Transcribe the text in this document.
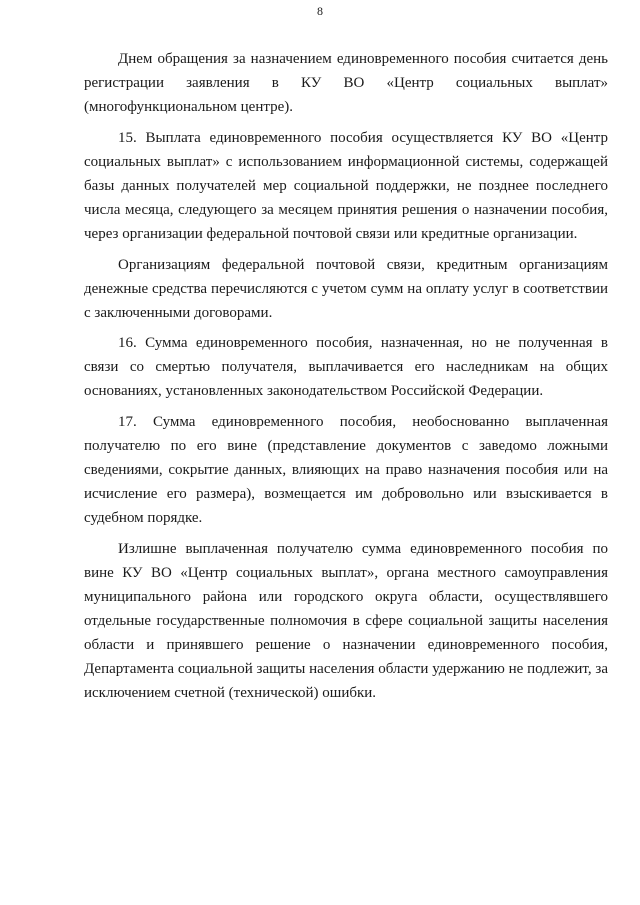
8

Днем обращения за назначением единовременного пособия считается день регистрации заявления в КУ ВО «Центр социальных выплат» (многофункциональном центре).

15. Выплата единовременного пособия осуществляется КУ ВО «Центр социальных выплат» с использованием информационной системы, содержащей базы данных получателей мер социальной поддержки, не позднее последнего числа месяца, следующего за месяцем принятия решения о назначении пособия, через организации федеральной почтовой связи или кредитные организации.

Организациям федеральной почтовой связи, кредитным организациям денежные средства перечисляются с учетом сумм на оплату услуг в соответствии с заключенными договорами.

16. Сумма единовременного пособия, назначенная, но не полученная в связи со смертью получателя, выплачивается его наследникам на общих основаниях, установленных законодательством Российской Федерации.

17. Сумма единовременного пособия, необоснованно выплаченная получателю по его вине (представление документов с заведомо ложными сведениями, сокрытие данных, влияющих на право назначения пособия или на исчисление его размера), возмещается им добровольно или взыскивается в судебном порядке.

Излишне выплаченная получателю сумма единовременного пособия по вине КУ ВО «Центр социальных выплат», органа местного самоуправления муниципального района или городского округа области, осуществлявшего отдельные государственные полномочия в сфере социальной защиты населения области и принявшего решение о назначении единовременного пособия, Департамента социальной защиты населения области удержанию не подлежит, за исключением счетной (технической) ошибки.
